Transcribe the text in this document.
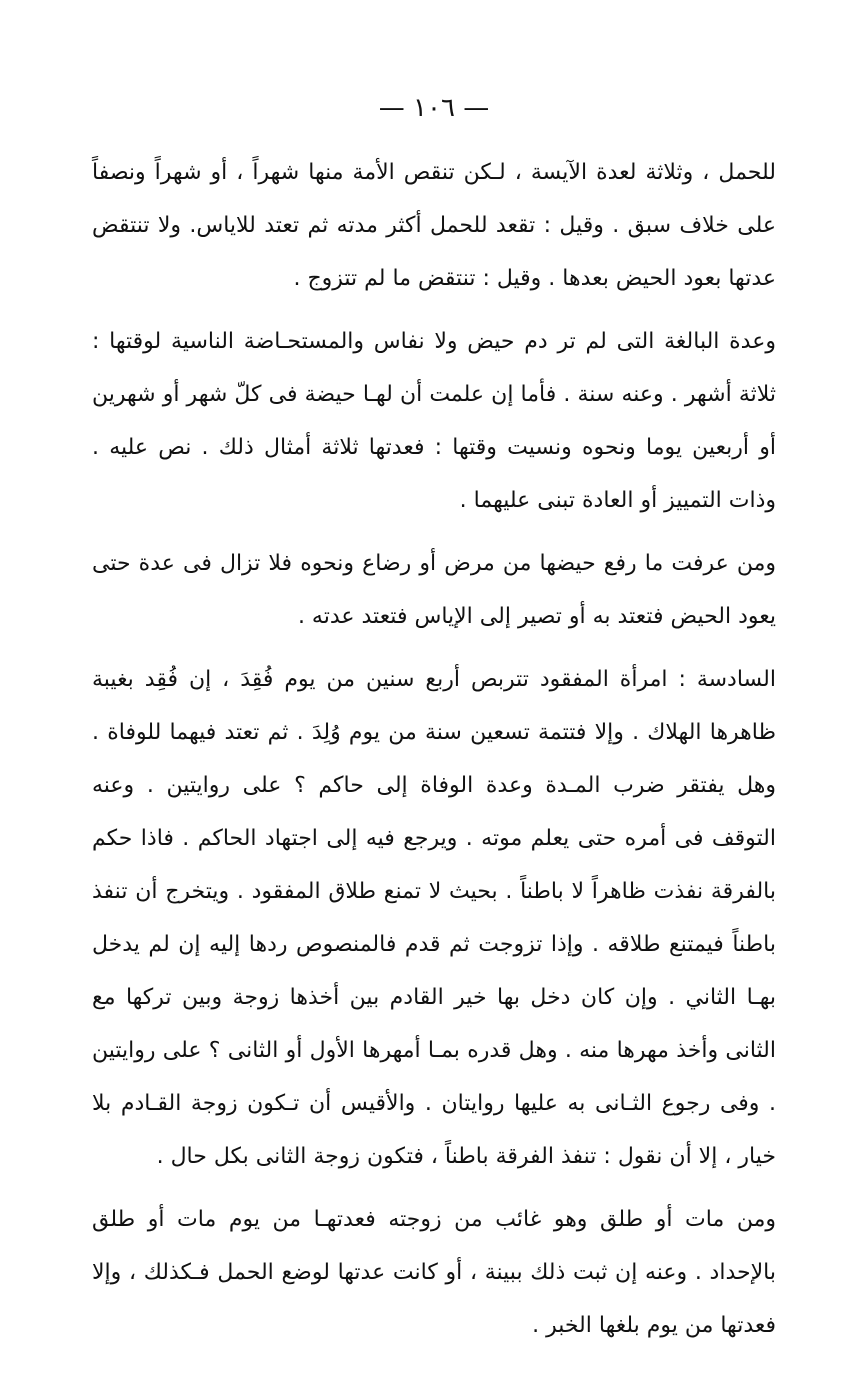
— ١٠٦ —

للحمل ، وثلاثة لعدة الآيسة ، لـكن تنقص الأمة منها شهراً ، أو شهراً ونصفاً على خلاف سبق . وقيل : تقعد للحمل أكثر مدته ثم تعتد للاياس. ولا تنتقض عدتها بعود الحيض بعدها . وقيل : تنتقض ما لم تتزوج .

وعدة البالغة التى لم تر دم حيض ولا نفاس والمستحـاضة الناسية لوقتها : ثلاثة أشهر . وعنه سنة . فأما إن علمت أن لهـا حيضة فى كلّ شهر أو شهرين أو أربعين يوما ونحوه ونسيت وقتها : فعدتها ثلاثة أمثال ذلك . نص عليه . وذات التمييز أو العادة تبنى عليهما .

ومن عرفت ما رفع حيضها من مرض أو رضاع ونحوه فلا تزال فى عدة حتى يعود الحيض فتعتد به أو تصير إلى الإياس فتعتد عدته .

السادسة : امرأة المفقود تتربص أربع سنين من يوم فُقِدَ ، إن فُقِد بغيبة ظاهرها الهلاك . وإلا فتتمة تسعين سنة من يوم وُلِدَ . ثم تعتد فيهما للوفاة . وهل يفتقر ضرب المـدة وعدة الوفاة إلى حاكم ؟ على روايتين . وعنه التوقف فى أمره حتى يعلم موته . ويرجع فيه إلى اجتهاد الحاكم . فاذا حكم بالفرقة نفذت ظاهراً لا باطناً . بحيث لا تمنع طلاق المفقود . ويتخرج أن تنفذ باطناً فيمتنع طلاقه . وإذا تزوجت ثم قدم فالمنصوص ردها إليه إن لم يدخل بهـا الثاني . وإن كان دخل بها خير القادم بين أخذها زوجة وبين تركها مع الثانى وأخذ مهرها منه . وهل قدره بمـا أمهرها الأول أو الثانى ؟ على روايتين . وفى رجوع الثـانى به عليها روايتان . والأقيس أن تـكون زوجة القـادم بلا خيار ، إلا أن نقول : تنفذ الفرقة باطناً ، فتكون زوجة الثانى بكل حال .

ومن مات أو طلق وهو غائب من زوجته فعدتهـا من يوم مات أو طلق بالإحداد . وعنه إن ثبت ذلك ببينة ، أو كانت عدتها لوضع الحمل فـكذلك ، وإلا فعدتها من يوم بلغها الخبر .
